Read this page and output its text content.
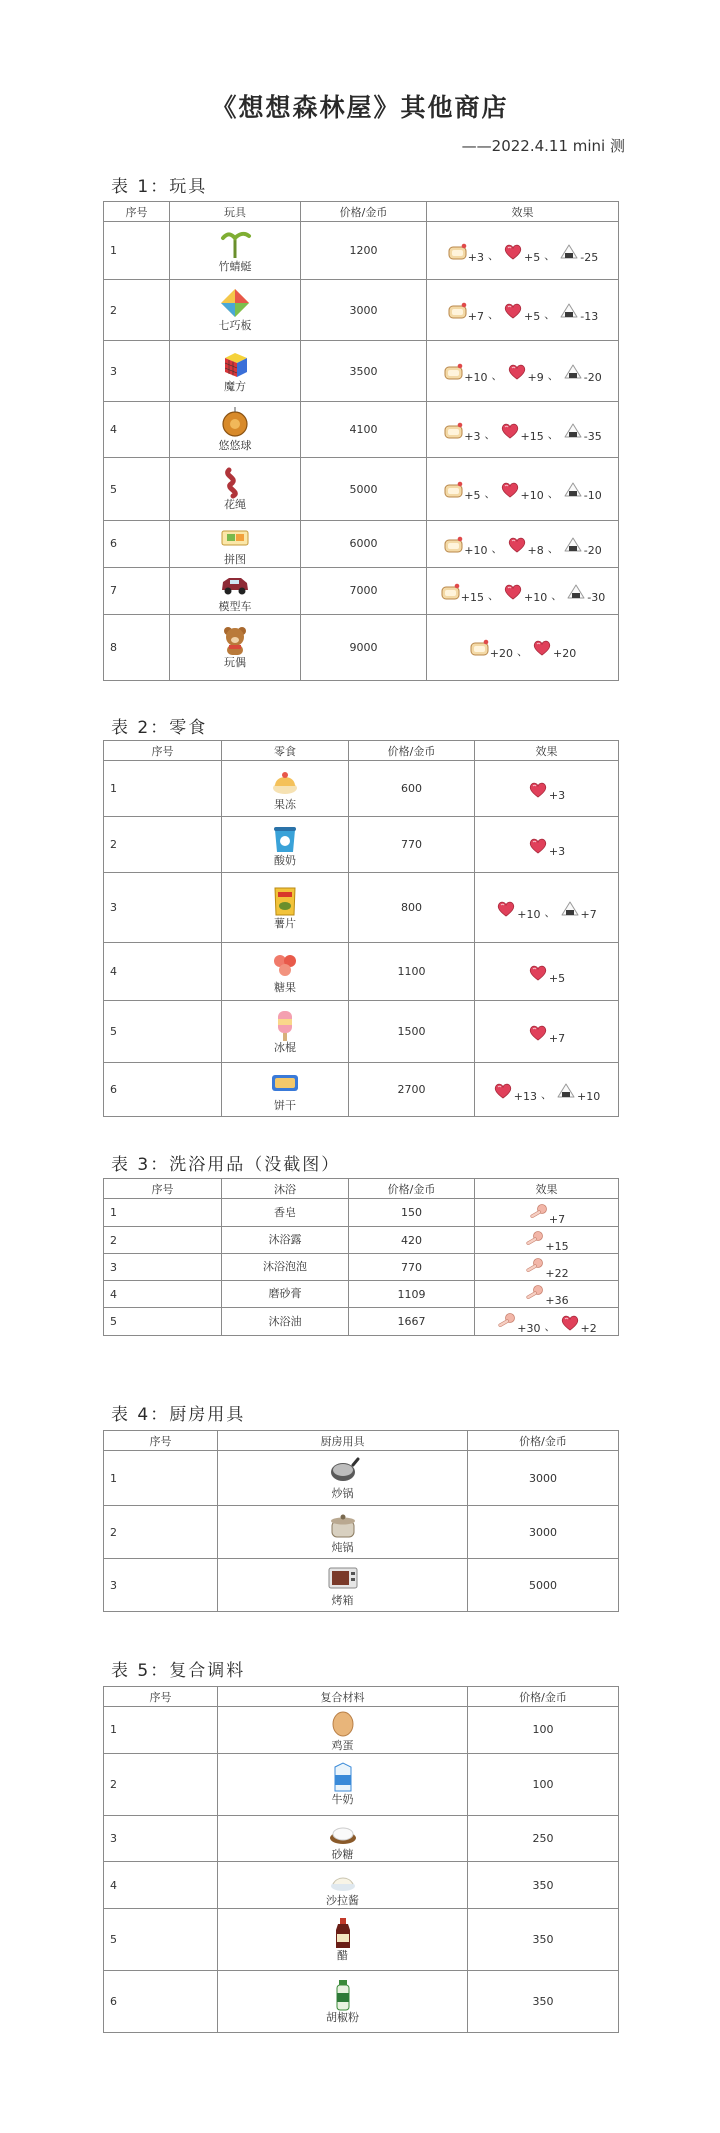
《想想森林屋》其他商店
——2022.4.11 mini 测
表 1：玩具
序号	玩具	价格/金币	效果
1	竹蜻蜓	1200	+3 、 +5 、 -25

2	七巧板	3000	+7 、 +5 、 -13

3	魔方	3500	+10 、 +9 、 -20

4	悠悠球	4100	+3 、 +15 、 -35

5	花绳	5000	+5 、 +10 、 -10

6	拼图	6000	+10 、 +8 、 -20

7	模型车	7000	+15 、 +10 、 -30

8	玩偶	9000	+20 、 +20
表 2：零食
序号	零食	价格/金币	效果
1	果冻	600	+3

2	酸奶	770	+3

3	薯片	800	+10 、 +7

4	糖果	1100	+5

5	冰棍	1500	+7

6	饼干	2700	+13 、 +10
表 3：洗浴用品（没截图）
序号	沐浴	价格/金币	效果
1	香皂	150	+7

2	沐浴露	420	+15

3	沐浴泡泡	770	+22

4	磨砂膏	1109	+36

5	沐浴油	1667	+30 、 +2
表 4：厨房用具
序号	厨房用具	价格/金币
1	炒锅	3000
2	炖锅	3000
3	烤箱	5000
表 5：复合调料
序号	复合材料	价格/金币
1	鸡蛋	100
2	牛奶	100
3	砂糖	250
4	沙拉酱	350
5	醋	350
6	胡椒粉	350
